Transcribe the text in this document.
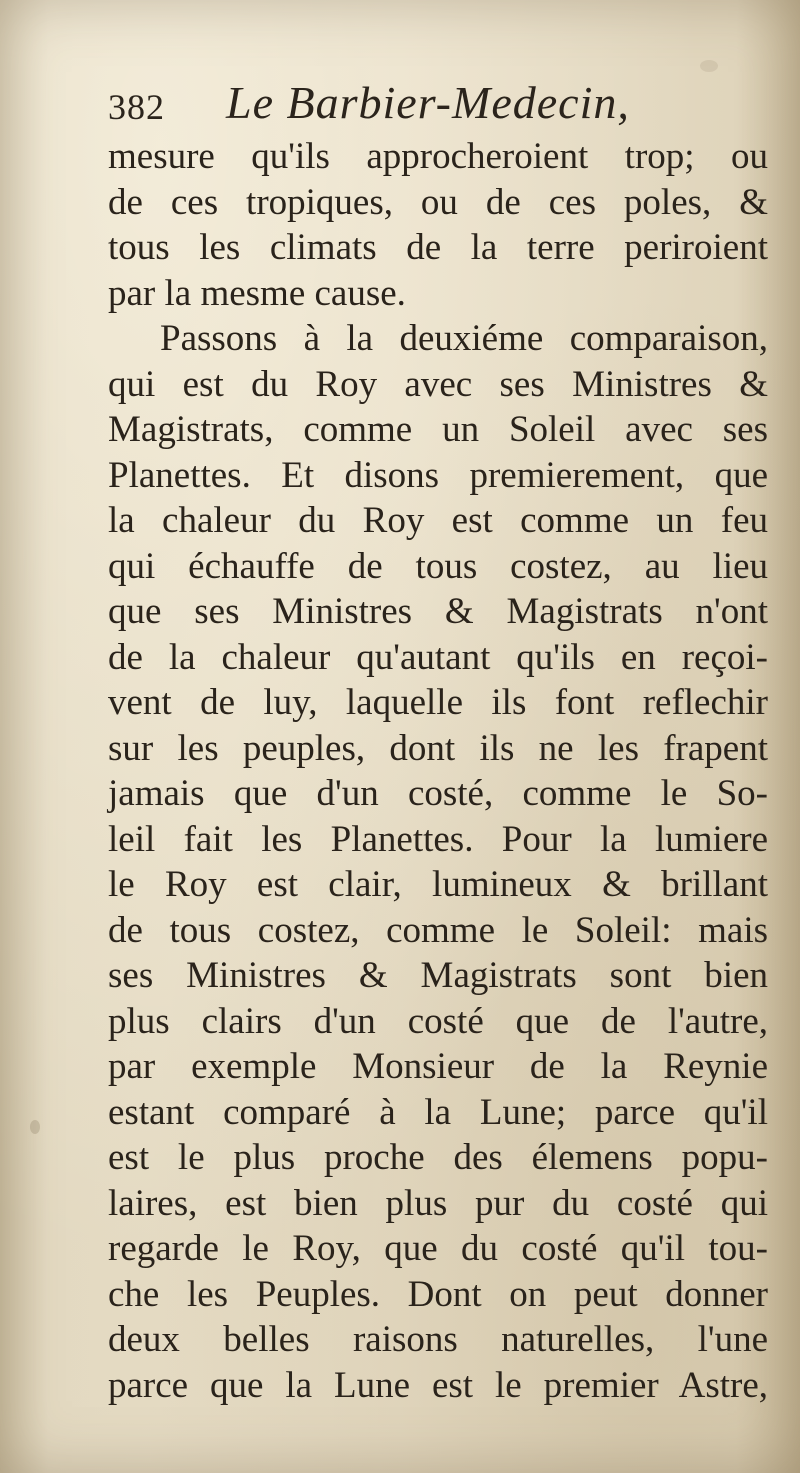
382 Le Barbier-Medecin,
mesure qu'ils approcheroient trop; ou
de ces tropiques, ou de ces poles, &
tous les climats de la terre periroient
par la mesme cause.
Passons à la deuxiéme comparaison,
qui est du Roy avec ses Ministres &
Magistrats, comme un Soleil avec ses
Planettes. Et disons premierement, que
la chaleur du Roy est comme un feu
qui échauffe de tous costez, au lieu
que ses Ministres & Magistrats n'ont
de la chaleur qu'autant qu'ils en reçoi-
vent de luy, laquelle ils font reflechir
sur les peuples, dont ils ne les frapent
jamais que d'un costé, comme le So-
leil fait les Planettes. Pour la lumiere
le Roy est clair, lumineux & brillant
de tous costez, comme le Soleil: mais
ses Ministres & Magistrats sont bien
plus clairs d'un costé que de l'autre,
par exemple Monsieur de la Reynie
estant comparé à la Lune; parce qu'il
est le plus proche des élemens popu-
laires, est bien plus pur du costé qui
regarde le Roy, que du costé qu'il tou-
che les Peuples. Dont on peut donner
deux belles raisons naturelles, l'une
parce que la Lune est le premier Astre,
